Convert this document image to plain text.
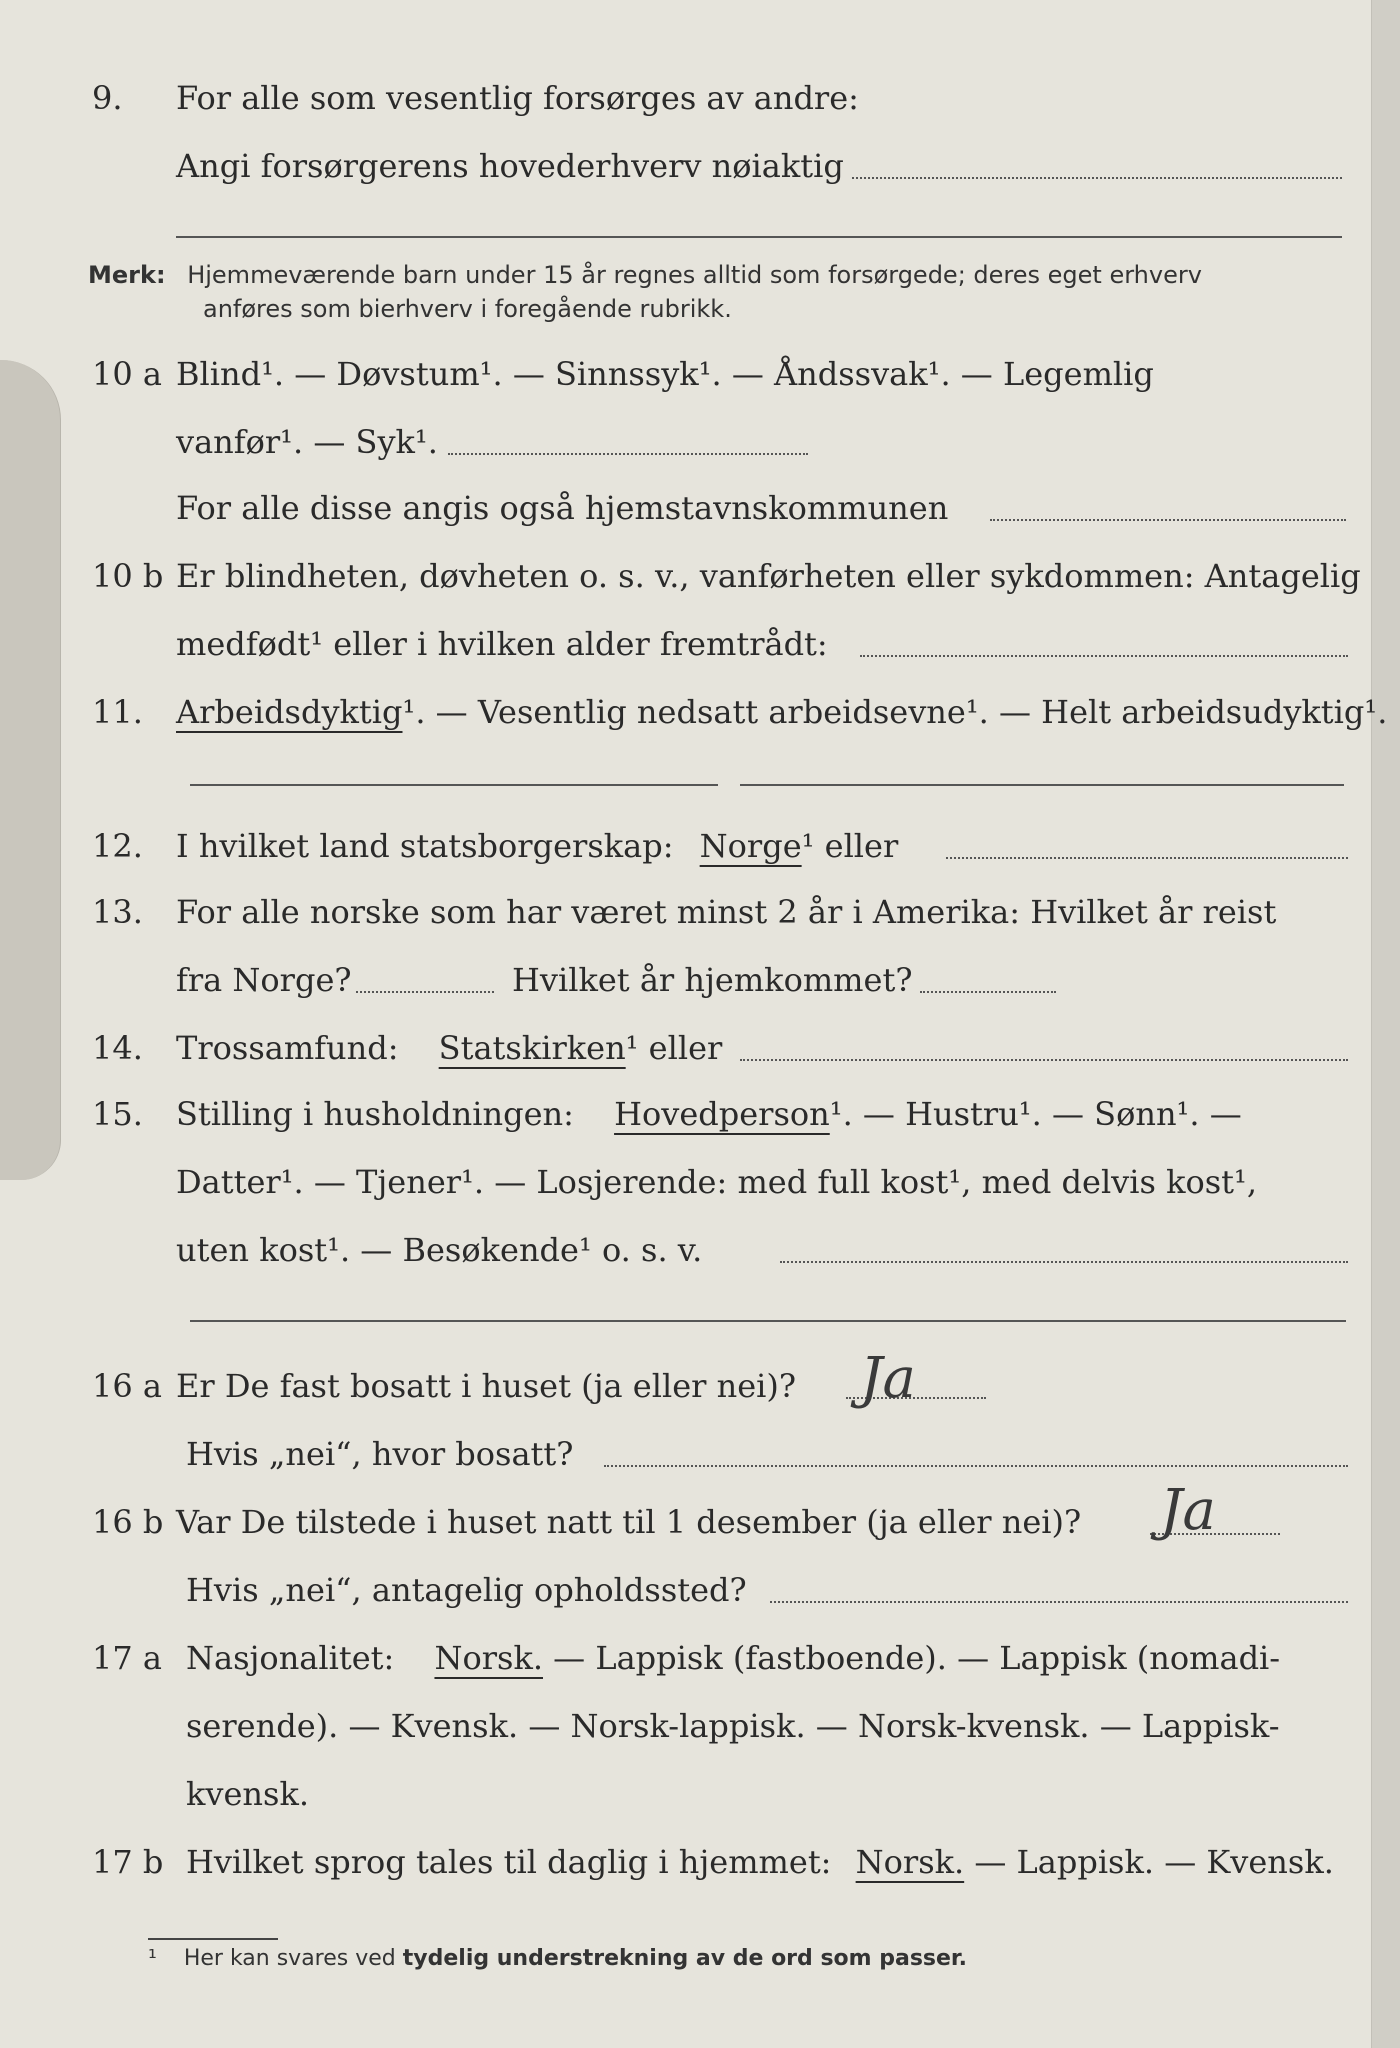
9.	For alle som vesentlig forsørges av andre:
Angi forsørgerens hovederhverv nøiaktig
Merk: Hjemmeværende barn under 15 år regnes alltid som forsørgede; deres eget erhverv
anføres som bierhverv i foregående rubrikk.
10 a Blind¹. — Døvstum¹. — Sinnssyk¹. — Åndssvak¹. — Legemlig
vanfør¹. — Syk¹.
For alle disse angis også hjemstavnskommunen
10 b Er blindheten, døvheten o. s. v., vanførheten eller sykdommen: Antagelig
medfødt¹ eller i hvilken alder fremtrådt:
11.	Arbeidsdyktig¹. — Vesentlig nedsatt arbeidsevne¹. — Helt arbeidsudyktig¹.
12.	I hvilket land statsborgerskap: Norge¹ eller
13.	For alle norske som har været minst 2 år i Amerika: Hvilket år reist
fra Norge?	Hvilket år hjemkommet?
14.	Trossamfund: Statskirken¹ eller
15.	Stilling i husholdningen: Hovedperson¹. — Hustru¹. — Sønn¹. —
Datter¹. — Tjener¹. — Losjerende: med full kost¹, med delvis kost¹,
uten kost¹. — Besøkende¹ o. s. v.
16 a Er De fast bosatt i huset (ja eller nei)? Ja
Hvis „nei“, hvor bosatt?
16 b Var De tilstede i huset natt til 1 desember (ja eller nei)? Ja
Hvis „nei“, antagelig opholdssted?
17 a Nasjonalitet: Norsk. — Lappisk (fastboende). — Lappisk (nomadi-
serende). — Kvensk. — Norsk-lappisk. — Norsk-kvensk. — Lappisk-
kvensk.
17 b Hvilket sprog tales til daglig i hjemmet: Norsk. — Lappisk. — Kvensk.
¹ Her kan svares ved tydelig understrekning av de ord som passer.
